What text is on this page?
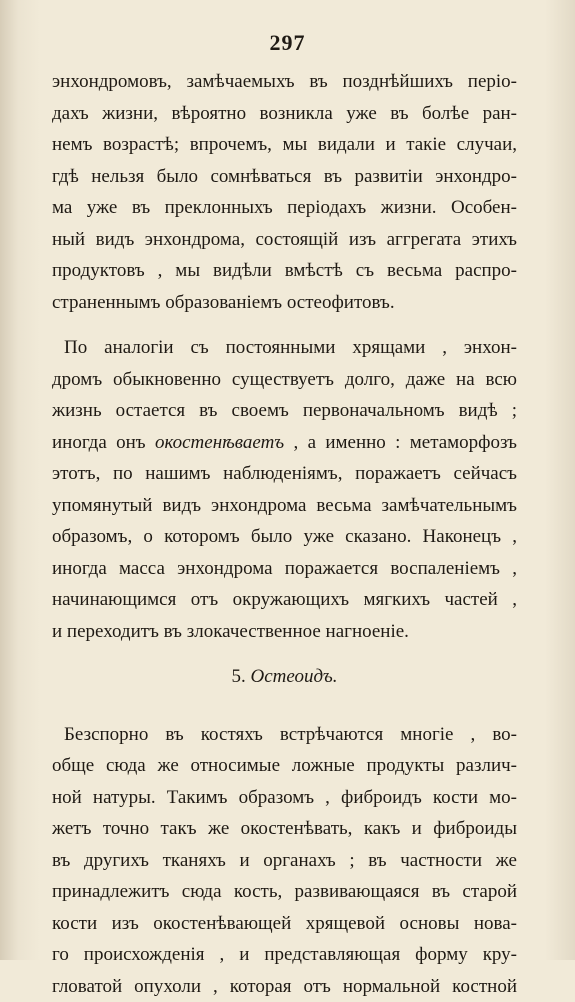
297
энхондромовъ, замѣчаемыхъ въ позднѣйшихъ перiо-
дахъ жизни, вѣроятно возникла уже въ болѣе ран-
немъ возрастѣ; впрочемъ, мы видали и такiе случаи,
гдѣ нельзя было сомнѣваться въ развитiи энхондро-
ма уже въ преклонныхъ перiодахъ жизни. Особен-
ный видъ энхондрома, состоящiй изъ аггрегата этихъ
продуктовъ , мы видѣли вмѣстѣ съ весьма распро-
страненнымъ образованiемъ остеофитовъ.
По аналогiи съ постоянными хрящами , энхон-
дромъ обыкновенно существуетъ долго, даже на всю
жизнь остается въ своемъ первоначальномъ видѣ ;
иногда онъ окостенѣваетъ , а именно : метаморфозъ
этотъ, по нашимъ наблюденiямъ, поражаетъ сейчасъ
упомянутый видъ энхондрома весьма замѣчательнымъ
образомъ, о которомъ было уже сказано. Наконецъ ,
иногда масса энхондрома поражается воспаленiемъ ,
начинающимся отъ окружающихъ мягкихъ частей ,
и переходитъ въ злокачественное нагноенiе.
5. Остеоидъ.
Безспорно въ костяхъ встрѣчаются многiе , во-
обще сюда же относимые ложные продукты различ-
ной натуры. Такимъ образомъ , фиброидъ кости мо-
жетъ точно такъ же окостенѣвать, какъ и фиброиды
въ другихъ тканяхъ и органахъ ; въ частности же
принадлежитъ сюда кость, развивающаяся въ старой
кости изъ окостенѣвающей хрящевой основы нова-
го происхожденiя , и представляющая форму кру-
гловатой опухоли , которая отъ нормальной костной
